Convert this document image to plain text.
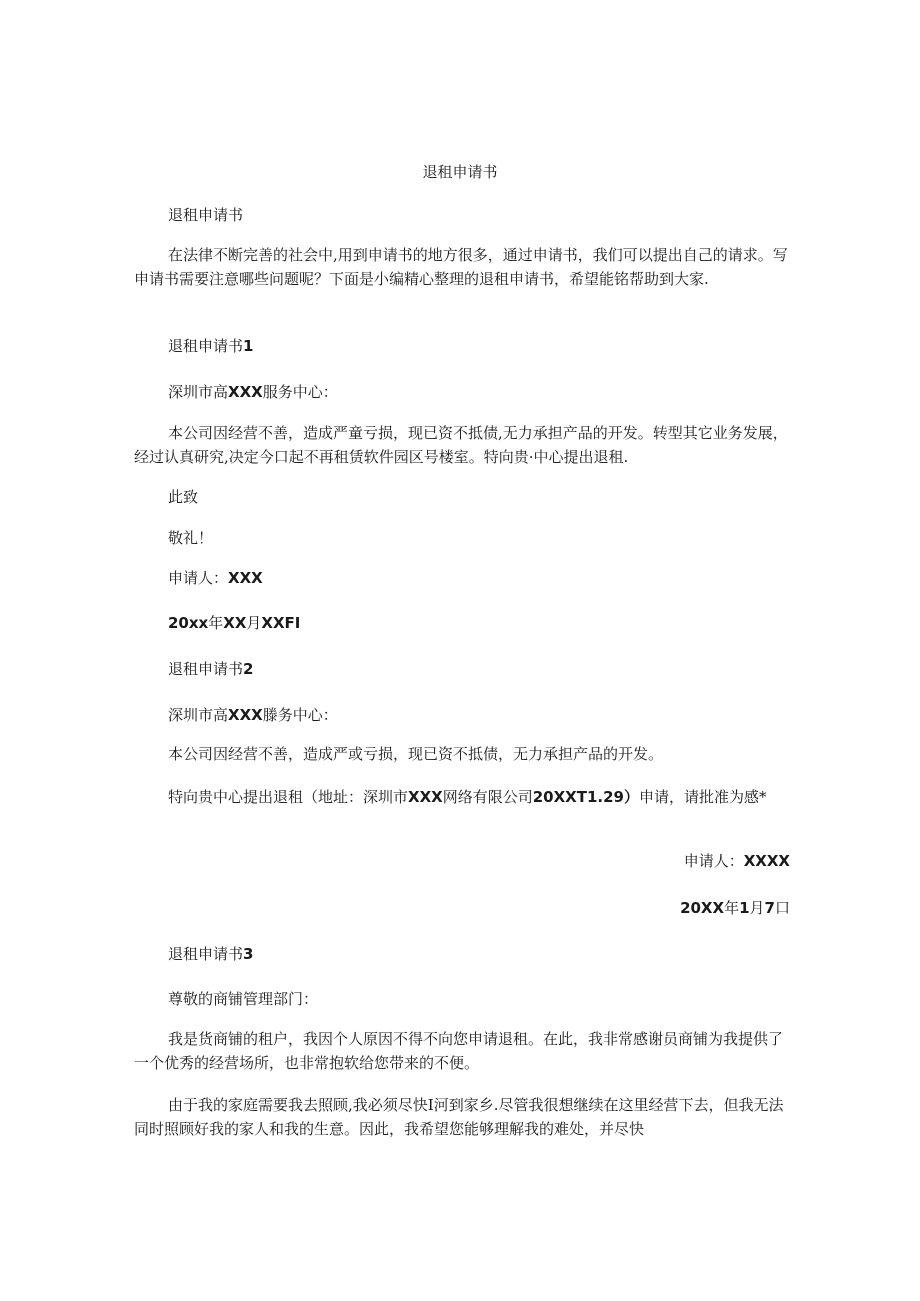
退租申请书

退租申请书

在法律不断完善的社会中,用到申请书的地方很多，通过申请书，我们可以提出自己的请求。写申请书需要注意哪些问题呢？下面是小编精心整理的退租申请书，希望能铭帮助到大家.

退租申请书1

深圳市高XXX服务中心：

本公司因经营不善，造成严童亏损，现已资不抵债,无力承担产品的开发。转型其它业务发展，经过认真研究,决定今口起不再租赁软件园区号楼室。特向贵·中心提出退租.

此致

敬礼！

申请人：XXX

20xx年XX月XXFI

退租申请书2

深圳市高XXX滕务中心：

本公司因经营不善，造成严或亏损，现已资不抵债，无力承担产品的开发。

特向贵中心提出退租（地址：深圳市XXX网络有限公司20XXT1.29）申请，请批准为感*

申请人：XXXX

20XX年1月7口

退租申请书3

尊敬的商铺管理部门：

我是货商铺的租户，我因个人原因不得不向您申请退租。在此，我非常感谢员商铺为我提供了一个优秀的经营场所，也非常抱软给您带来的不便。

由于我的家庭需要我去照顾,我必须尽快I河到家乡.尽管我很想继续在这里经营下去，但我无法同时照顾好我的家人和我的生意。因此，我希望您能够理解我的难处，并尽快
